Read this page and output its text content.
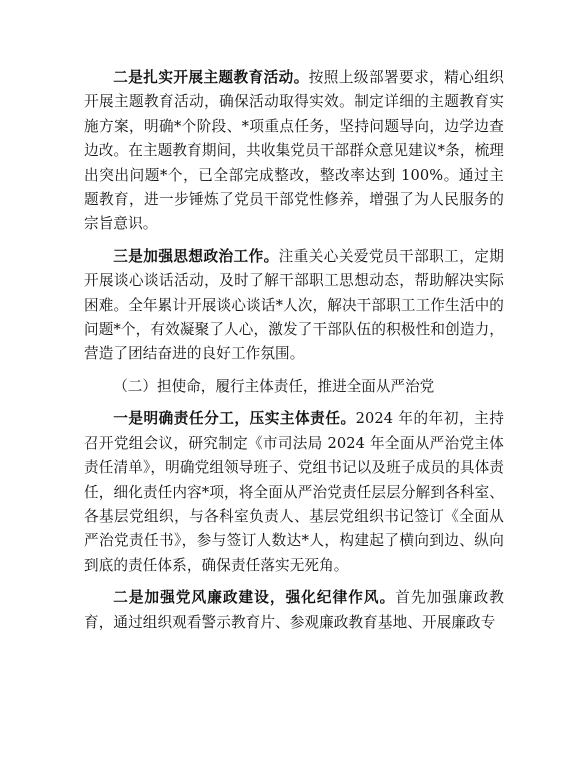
二是扎实开展主题教育活动。按照上级部署要求，精心组织开展主题教育活动，确保活动取得实效。制定详细的主题教育实施方案，明确*个阶段、*项重点任务，坚持问题导向，边学边查边改。在主题教育期间，共收集党员干部群众意见建议*条，梳理出突出问题*个，已全部完成整改，整改率达到 100%。通过主题教育，进一步锤炼了党员干部党性修养，增强了为人民服务的宗旨意识。

三是加强思想政治工作。注重关心关爱党员干部职工，定期开展谈心谈话活动，及时了解干部职工思想动态，帮助解决实际困难。全年累计开展谈心谈话*人次，解决干部职工工作生活中的问题*个，有效凝聚了人心，激发了干部队伍的积极性和创造力，营造了团结奋进的良好工作氛围。

（二）担使命，履行主体责任，推进全面从严治党

一是明确责任分工，压实主体责任。2024 年的年初，主持召开党组会议，研究制定《市司法局 2024 年全面从严治党主体责任清单》，明确党组领导班子、党组书记以及班子成员的具体责任，细化责任内容*项，将全面从严治党责任层层分解到各科室、各基层党组织，与各科室负责人、基层党组织书记签订《全面从严治党责任书》，参与签订人数达*人，构建起了横向到边、纵向到底的责任体系，确保责任落实无死角。

二是加强党风廉政建设，强化纪律作风。首先加强廉政教育，通过组织观看警示教育片、参观廉政教育基地、开展廉政专
